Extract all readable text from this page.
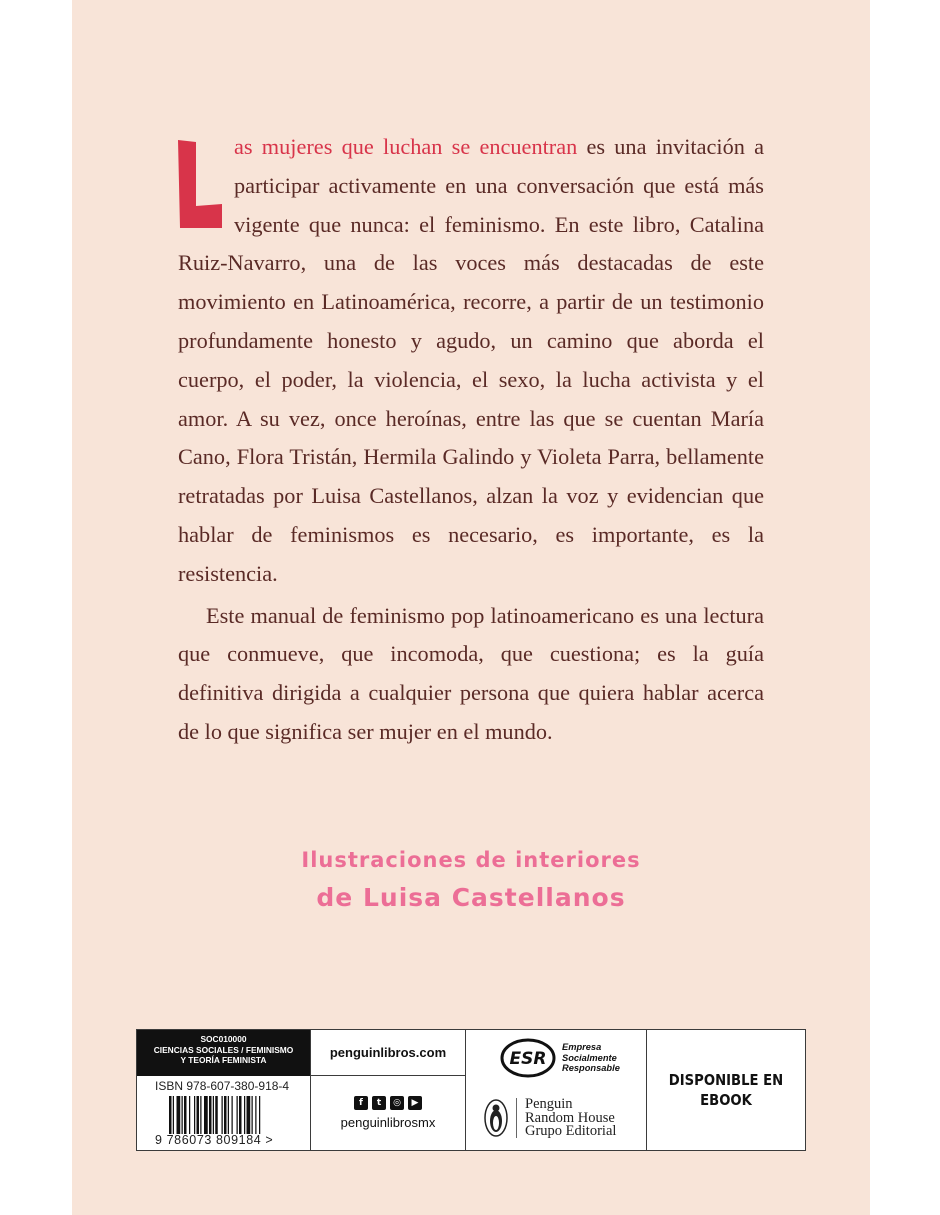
as mujeres que luchan se encuentran es una invitación a participar activamente en una conversación que está más vigente que nunca: el feminismo. En este libro, Catalina Ruiz-Navarro, una de las voces más destacadas de este movimiento en Latinoamérica, recorre, a partir de un testimonio profundamente honesto y agudo, un camino que aborda el cuerpo, el poder, la violencia, el sexo, la lucha activista y el amor. A su vez, once heroínas, entre las que se cuentan María Cano, Flora Tristán, Hermila Galindo y Violeta Parra, bellamente retratadas por Luisa Castellanos, alzan la voz y evidencian que hablar de feminismos es necesario, es importante, es la resistencia.

Este manual de feminismo pop latinoamericano es una lectura que conmueve, que incomoda, que cuestiona; es la guía definitiva dirigida a cualquier persona que quiera hablar acerca de lo que significa ser mujer en el mundo.

Ilustraciones de interiores
de Luisa Castellanos
SOC010000
CIENCIAS SOCIALES / FEMINISMO
Y TEORÍA FEMINISTA
ISBN 978-607-380-918-4
9 786073 809184 >
penguinlibros.com
f	t	◎	▶
penguinlibrosmx
ESR
Empresa
Socialmente
Responsable
Penguin
Random House
Grupo Editorial
DISPONIBLE EN
EBOOK
